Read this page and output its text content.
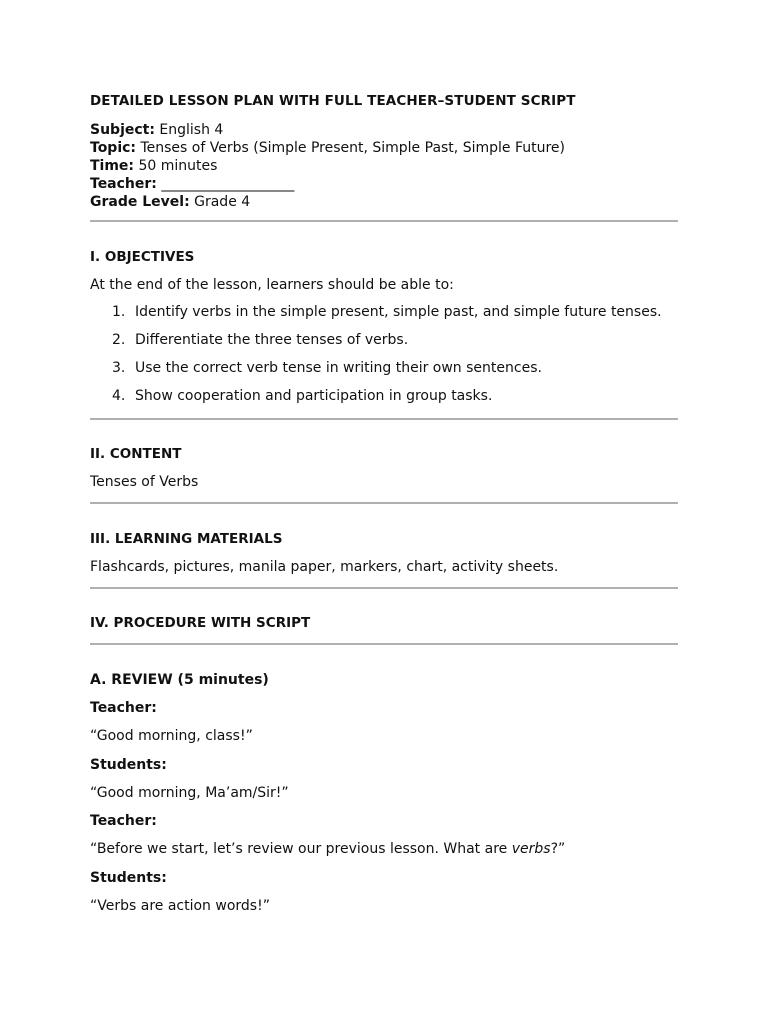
DETAILED LESSON PLAN WITH FULL TEACHER–STUDENT SCRIPT
Subject: English 4
Topic: Tenses of Verbs (Simple Present, Simple Past, Simple Future)
Time: 50 minutes
Teacher: ___________________
Grade Level: Grade 4
I. OBJECTIVES
At the end of the lesson, learners should be able to:
1. Identify verbs in the simple present, simple past, and simple future tenses.
2. Differentiate the three tenses of verbs.
3. Use the correct verb tense in writing their own sentences.
4. Show cooperation and participation in group tasks.
II. CONTENT
Tenses of Verbs
III. LEARNING MATERIALS
Flashcards, pictures, manila paper, markers, chart, activity sheets.
IV. PROCEDURE WITH SCRIPT
A. REVIEW (5 minutes)
Teacher:
“Good morning, class!”
Students:
“Good morning, Ma’am/Sir!”
Teacher:
“Before we start, let’s review our previous lesson. What are verbs?”
Students:
“Verbs are action words!”
